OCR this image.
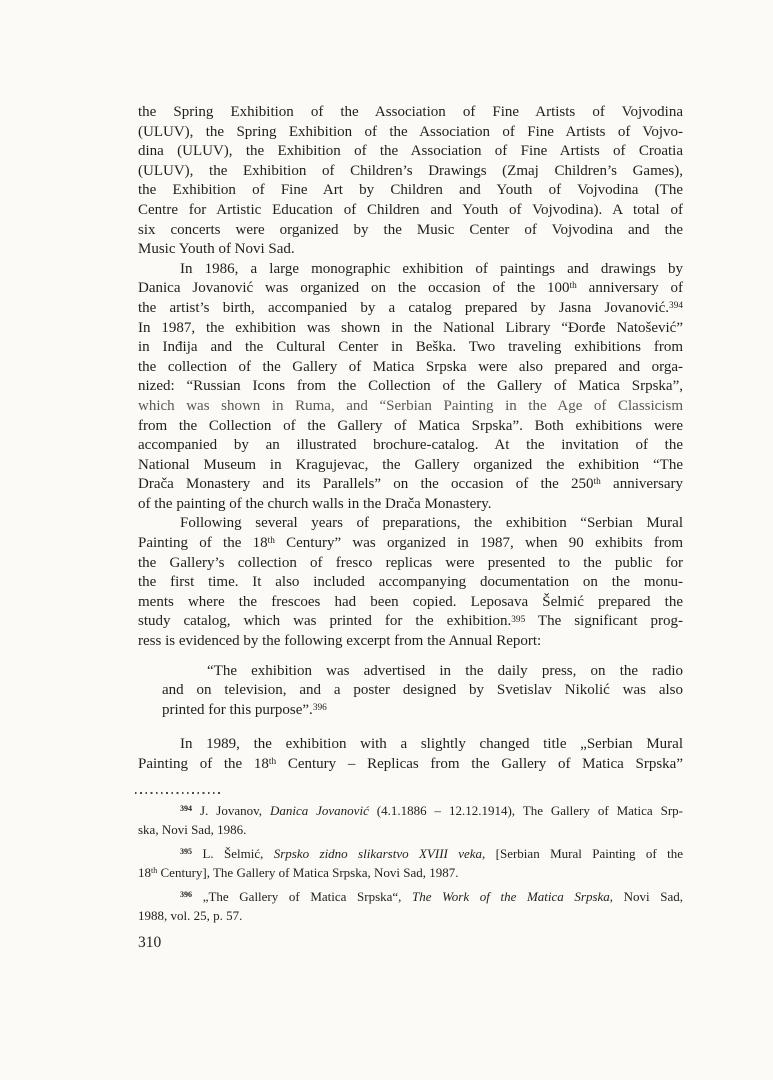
the Spring Exhibition of the Association of Fine Artists of Vojvodina
(ULUV), the Spring Exhibition of the Association of Fine Artists of Vojvo-
dina (ULUV), the Exhibition of the Association of Fine Artists of Croatia
(ULUV), the Exhibition of Children’s Drawings (Zmaj Children’s Games),
the Exhibition of Fine Art by Children and Youth of Vojvodina (The
Centre for Artistic Education of Children and Youth of Vojvodina). A total of
six concerts were organized by the Music Center of Vojvodina and the
Music Youth of Novi Sad.
In 1986, a large monographic exhibition of paintings and drawings by
Danica Jovanović was organized on the occasion of the 100th anniversary of
the artist’s birth, accompanied by a catalog prepared by Jasna Jovanović.$^{394}$
In 1987, the exhibition was shown in the National Library “Đorđe Natošević”
in Inđija and the Cultural Center in Beška. Two traveling exhibitions from
the collection of the Gallery of Matica Srpska were also prepared and orga-
nized: “Russian Icons from the Collection of the Gallery of Matica Srpska”,
which was shown in Ruma, and “Serbian Painting in the Age of Classicism
from the Collection of the Gallery of Matica Srpska”. Both exhibitions were
accompanied by an illustrated brochure-catalog. At the invitation of the
National Museum in Kragujevac, the Gallery organized the exhibition “The
Drača Monastery and its Parallels” on the occasion of the 250th anniversary
of the painting of the church walls in the Drača Monastery.
Following several years of preparations, the exhibition “Serbian Mural
Painting of the 18th Century” was organized in 1987, when 90 exhibits from
the Gallery’s collection of fresco replicas were presented to the public for
the first time. It also included accompanying documentation on the monu-
ments where the frescoes had been copied. Leposava Šelmić prepared the
study catalog, which was printed for the exhibition.$^{395}$ The significant prog-
ress is evidenced by the following excerpt from the Annual Report:
“The exhibition was advertised in the daily press, on the radio
and on television, and a poster designed by Svetislav Nikolić was also
printed for this purpose”.$^{396}$
In 1989, the exhibition with a slightly changed title „Serbian Mural
Painting of the 18th Century – Replicas from the Gallery of Matica Srpska”
$^{394}$ J. Jovanov, Danica Jovanović (4.1.1886 – 12.12.1914), The Gallery of Matica Srp-
ska, Novi Sad, 1986.
$^{395}$ L. Šelmić, Srpsko zidno slikarstvo XVIII veka, [Serbian Mural Painting of the
18th Century], The Gallery of Matica Srpska, Novi Sad, 1987.
$^{396}$ „The Gallery of Matica Srpska“, The Work of the Matica Srpska, Novi Sad,
1988, vol. 25, p. 57.
310
